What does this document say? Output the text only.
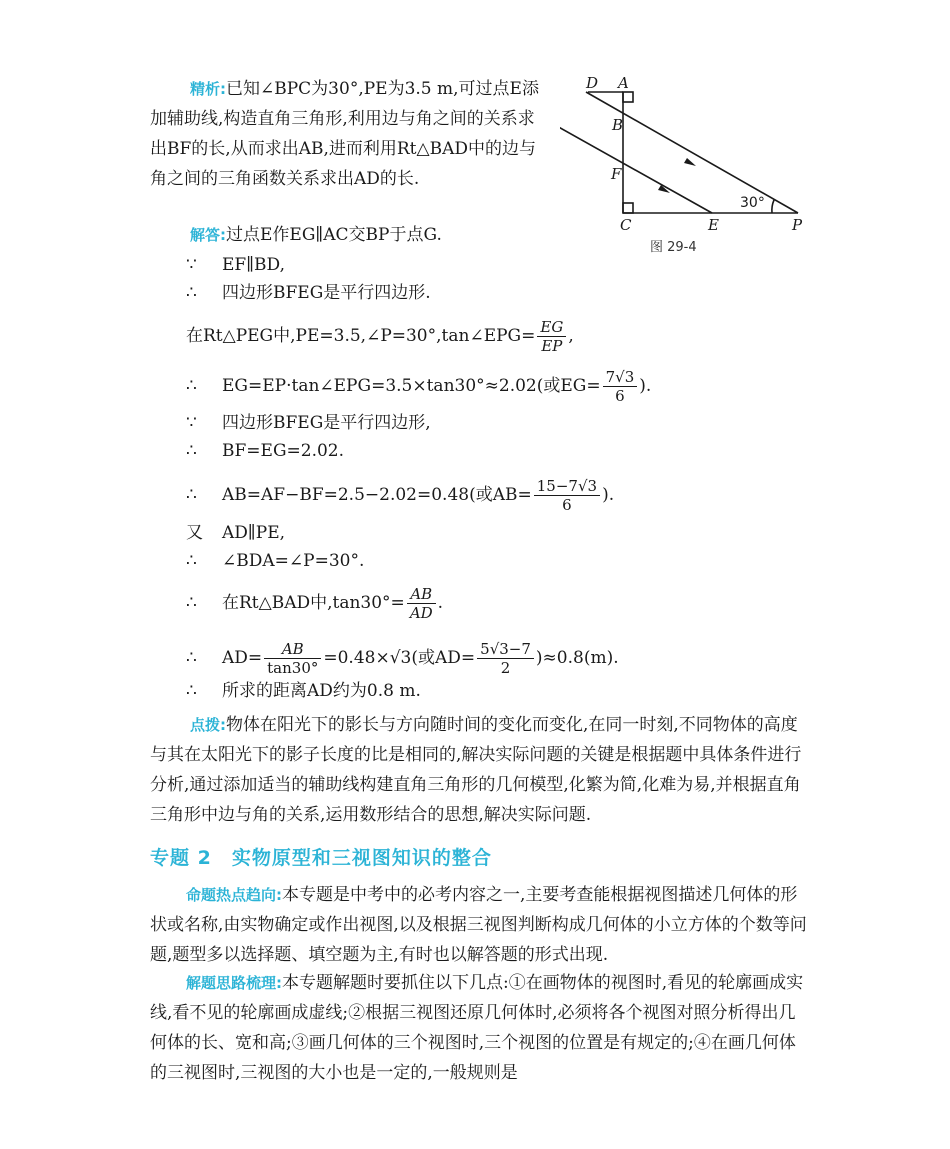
精析:已知∠BPC为30°,PE为3.5 m,可过点E添加辅助线,构造直角三角形,利用边与角之间的关系求出BF的长,从而求出AB,进而利用Rt△BAD中的边与角之间的三角函数关系求出AD的长.

D A
B
F
C	E	P
30°
图 29-4

解答:过点E作EG∥AC交BP于点G.

∵ EF∥BD,
∴ 四边形BFEG是平行四边形.
在Rt△PEG中,PE=3.5,∠P=30°,tan∠EPG= $\frac{EG}{EP}$ ,
∴ EG=EP·tan∠EPG=3.5×tan30°≈2.02(或$EG= \frac{7√3}{6}$ ).
∵ 四边形BFEG是平行四边形,
∴ BF=EG=2.02.
∴ AB=AF−BF=2.5−2.02=0.48(或$AB= \frac{15-7√3}{6}$ ).
又 AD∥PE,
∴ ∠BDA=∠P=30°.
∴ 在Rt△BAD中$,\tan 30^\circ= \frac{AB}{AD}$ .
∴ $AD= \frac{AB}{\tan 30^\circ} =0.48\times√3$(或$AD= \frac{5√3-7}{2} )\approx 0.8(m)$.
∴ 所求的距离AD约为0.8 m.

点拨:物体在阳光下的影长与方向随时间的变化而变化,在同一时刻,不同物体的高度与其在太阳光下的影子长度的比是相同的,解决实际问题的关键是根据题中具体条件进行分析,通过添加适当的辅助线构建直角三角形的几何模型,化繁为简,化难为易,并根据直角三角形中边与角的关系,运用数形结合的思想,解决实际问题.

专题 2　实物原型和三视图知识的整合

命题热点趋向:本专题是中考中的必考内容之一,主要考查能根据视图描述几何体的形状或名称,由实物确定或作出视图,以及根据三视图判断构成几何体的小立方体的个数等问题,题型多以选择题、填空题为主,有时也以解答题的形式出现.

解题思路梳理:本专题解题时要抓住以下几点:①在画物体的视图时,看见的轮廓画成实线,看不见的轮廓画成虚线;②根据三视图还原几何体时,必须将各个视图对照分析得出几何体的长、宽和高;③画几何体的三个视图时,三个视图的位置是有规定的;④在画几何体的三视图时,三视图的大小也是一定的,一般规则是
